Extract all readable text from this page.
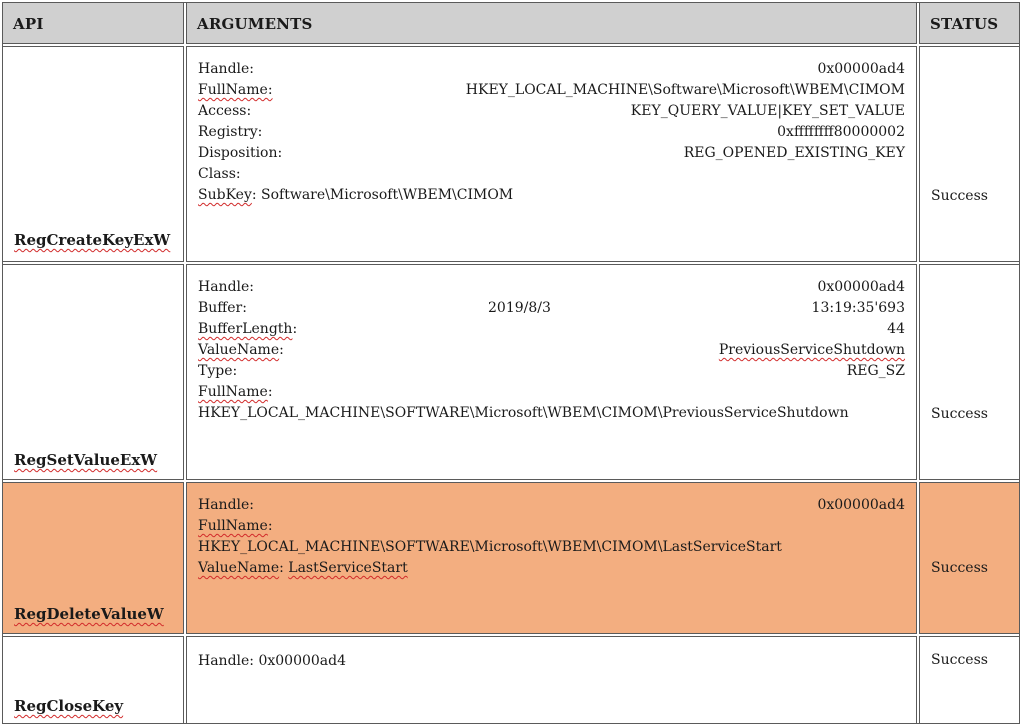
API	ARGUMENTS	STATUS
RegCreateKeyExW
Handle:	0x00000ad4
FullName:	HKEY_LOCAL_MACHINE\Software\Microsoft\WBEM\CIMOM
Access:	KEY_QUERY_VALUE|KEY_SET_VALUE
Registry:	0xffffffff80000002
Disposition:	REG_OPENED_EXISTING_KEY
Class:
SubKey: Software\Microsoft\WBEM\CIMOM	Success
RegSetValueExW
Handle:	0x00000ad4
Buffer:	2019/8/3	13:19:35'693
BufferLength:	44
ValueName:	PreviousServiceShutdown
Type:	REG_SZ
FullName:
HKEY_LOCAL_MACHINE\SOFTWARE\Microsoft\WBEM\CIMOM\PreviousServiceShutdown	Success
RegDeleteValueW
Handle:	0x00000ad4
FullName:
HKEY_LOCAL_MACHINE\SOFTWARE\Microsoft\WBEM\CIMOM\LastServiceStart
ValueName: LastServiceStart	Success
RegCloseKey
Handle: 0x00000ad4	Success
